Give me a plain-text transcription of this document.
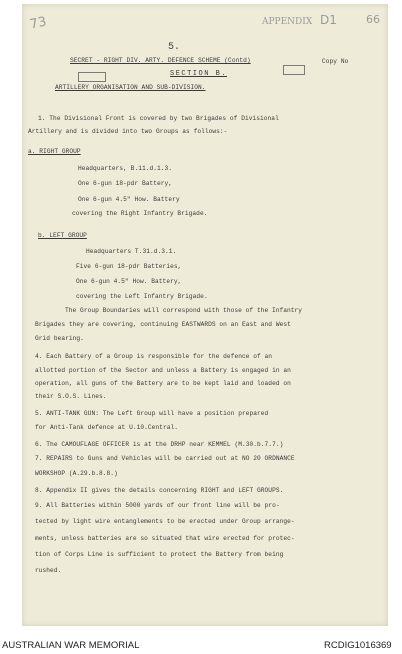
73	APPENDIX D1	66
5.
Copy No
SECRET - RIGHT DIV. ARTY. DEFENCE SCHEME (Contd)
SECTION B.
ARTILLERY ORGANISATION AND SUB-DIVISION.
1. The Divisional Front is covered by two Brigades of Divisional
Artillery and is divided into two Groups as follows:-
a. RIGHT GROUP
Headquarters, B.11.d.1.3.
One 6-gun 18-pdr Battery,
One 6-gun 4.5" How. Battery
covering the Right Infantry Brigade.
b. LEFT GROUP
Headquarters T.31.d.3.1.
Five 6-gun 18-pdr Batteries,
One 6-gun 4.5" How. Battery,
covering the Left Infantry Brigade.
The Group Boundaries will correspond with those of the Infantry
Brigades they are covering, continuing EASTWARDS on an East and West
Grid bearing.
4. Each Battery of a Group is responsible for the defence of an
allotted portion of the Sector and unless a Battery is engaged in an
operation, all guns of the Battery are to be kept laid and loaded on
their S.O.S. Lines.
5. ANTI-TANK GUN: The Left Group will have a position prepared
for Anti-Tank defence at U.10.Central.
6. The CAMOUFLAGE OFFICER is at the DRHP near KEMMEL (M.30.b.7.7.)
7. REPAIRS to Guns and Vehicles will be carried out at NO 20 ORDNANCE
WORKSHOP (A.29.b.8.8.)
8. Appendix II gives the details concerning RIGHT and LEFT GROUPS.
9. All Batteries within 5000 yards of our front line will be pro-
tected by light wire entanglements to be erected under Group arrange-
ments, unless batteries are so situated that wire erected for protec-
tion of Corps Line is sufficient to protect the Battery from being
rushed.
AUSTRALIAN WAR MEMORIAL	RCDIG1016369
